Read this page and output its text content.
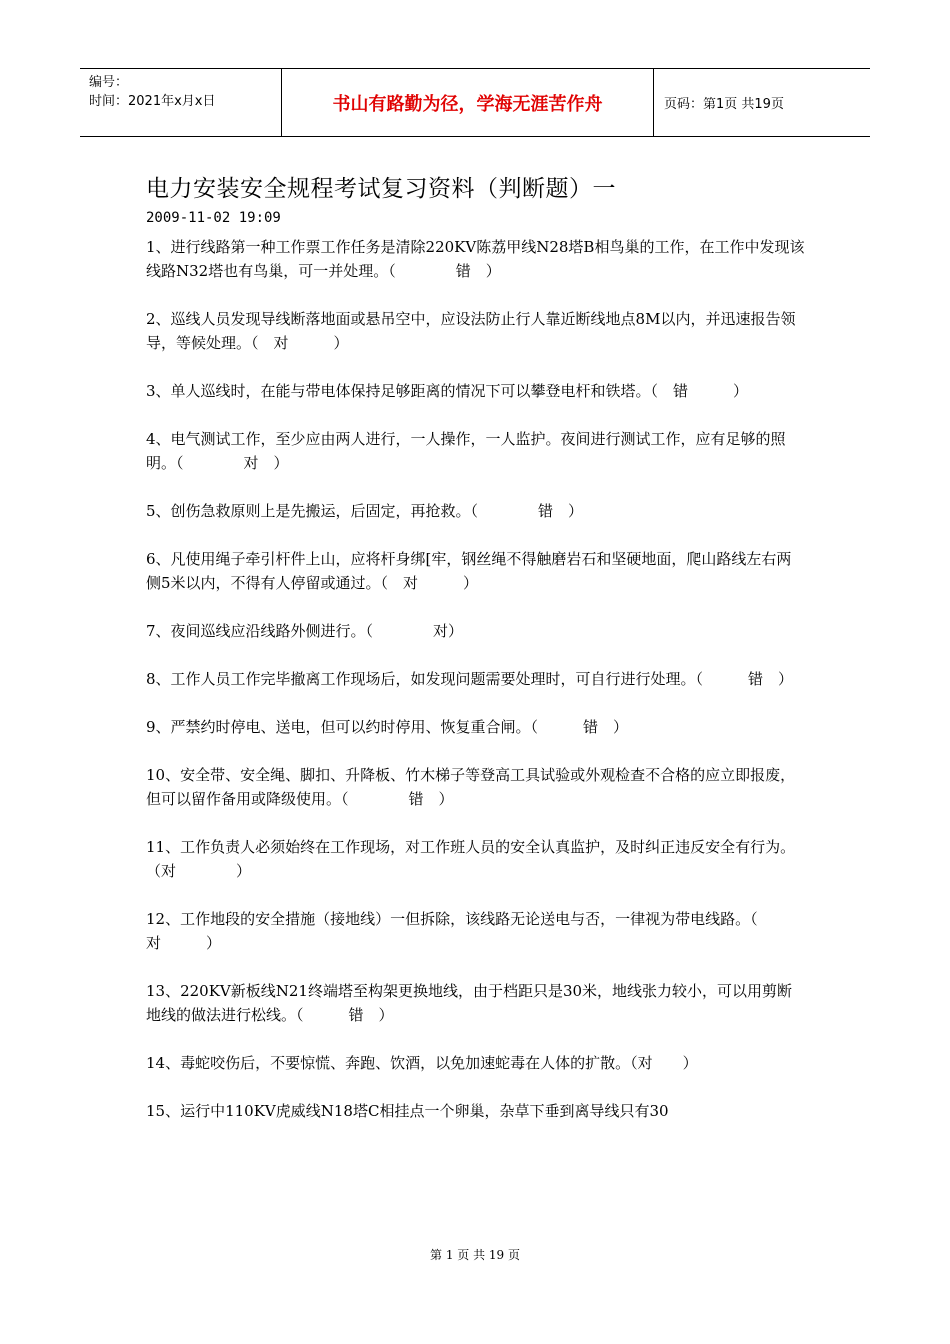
编号：
时间：2021年x月x日	书山有路勤为径，学海无涯苦作舟	页码：第1页 共19页
电力安装安全规程考试复习资料（判断题）一
2009-11-02 19:09

1、进行线路第一种工作票工作任务是清除220KV陈荔甲线N28塔B相鸟巢的工作，在工作中发现该线路N32塔也有鸟巢，可一并处理。（　　　　错　）

2、巡线人员发现导线断落地面或悬吊空中，应设法防止行人靠近断线地点8M以内，并迅速报告领导，等候处理。（　对　　　）

3、单人巡线时，在能与带电体保持足够距离的情况下可以攀登电杆和铁塔。（　错　　　）

4、电气测试工作，至少应由两人进行，一人操作，一人监护。夜间进行测试工作，应有足够的照明。（　　　　对　）

5、创伤急救原则上是先搬运，后固定，再抢救。（　　　　错　）

6、凡使用绳子牵引杆件上山，应将杆身绑[牢，钢丝绳不得触磨岩石和坚硬地面，爬山路线左右两侧5米以内，不得有人停留或通过。（　对　　　）

7、夜间巡线应沿线路外侧进行。（　　　　对）

8、工作人员工作完毕撤离工作现场后，如发现问题需要处理时，可自行进行处理。（　　　错　）

9、严禁约时停电、送电，但可以约时停用、恢复重合闸。（　　　错　）

10、安全带、安全绳、脚扣、升降板、竹木梯子等登高工具试验或外观检查不合格的应立即报废，但可以留作备用或降级使用。（　　　　错　）

11、工作负责人必须始终在工作现场，对工作班人员的安全认真监护，及时纠正违反安全有行为。（对　　　　）

12、工作地段的安全措施（接地线）一但拆除，该线路无论送电与否，一律视为带电线路。（　对　　　）

13、220KV新板线N21终端塔至构架更换地线，由于档距只是30米，地线张力较小，可以用剪断地线的做法进行松线。（　　　错　）

14、毒蛇咬伤后，不要惊慌、奔跑、饮酒，以免加速蛇毒在人体的扩散。（对　　）

15、运行中110KV虎威线N18塔C相挂点一个卵巢，杂草下垂到离导线只有30

第 1 页 共 19 页
